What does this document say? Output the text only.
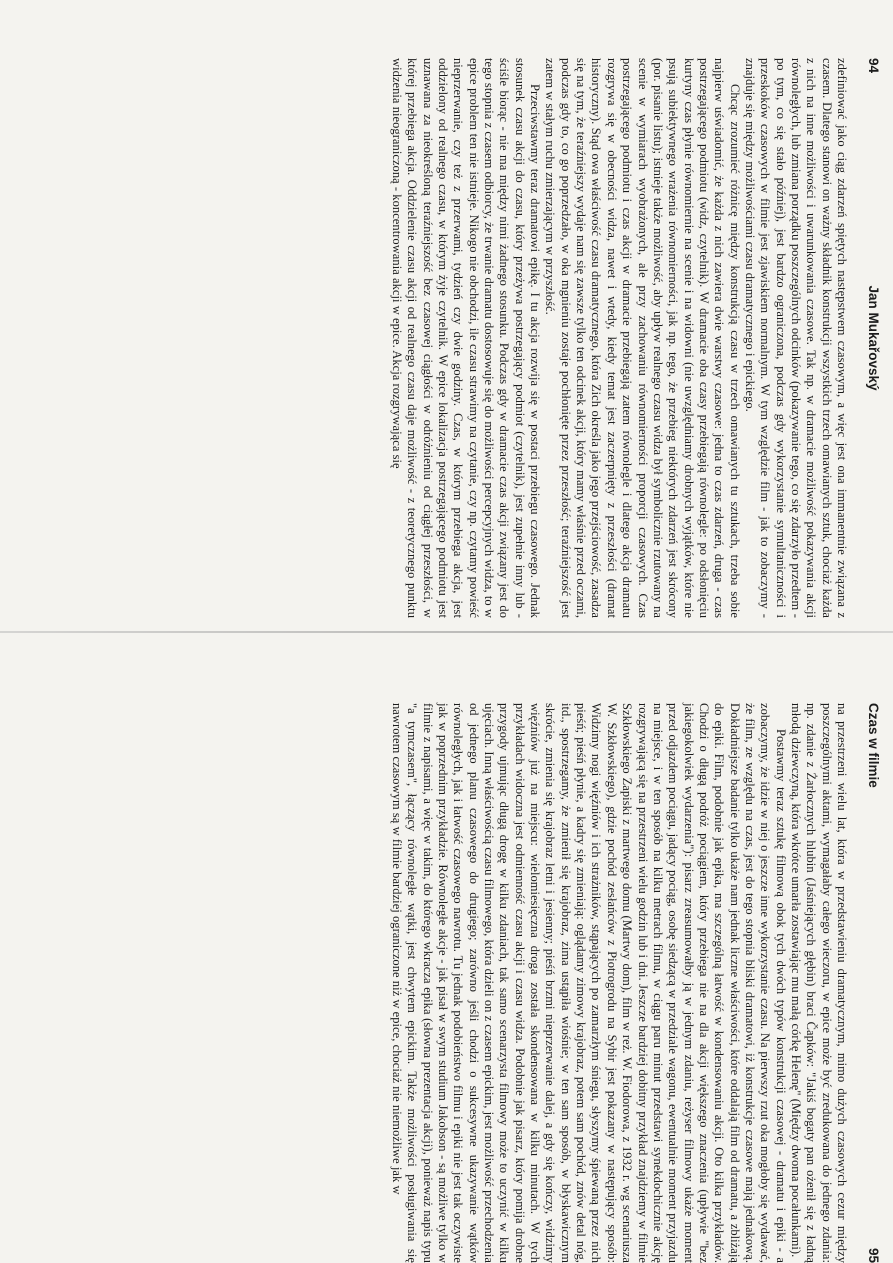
94
Jan Mukařovský

zdefiniować jako ciąg zdarzeń spiętych następstwem czasowym, a więc jest ona immanentnie związana z czasem. Dlatego stanowi on ważny składnik konstrukcji wszystkich trzech omawianych sztuk, chociaż każda z nich na inne możliwości i uwarunkowania czasowe. Tak np. w dramacie możliwość pokazywania akcji równoległych, lub zmiana porządku poszczególnych odcinków (pokazywanie tego, co się zdarzyło przedtem - po tym, co się stało później), jest bardzo ograniczona, podczas gdy wykorzystanie symultaniczności i przeskoków czasowych w filmie jest zjawiskiem normalnym. W tym względzie film - jak to zobaczymy - znajduje się między możliwościami czasu dramatycznego i epickiego.

Chcąc zrozumieć różnicę między konstrukcją czasu w trzech omawianych tu sztukach, trzeba sobie najpierw uświadomić, że każda z nich zawiera dwie warstwy czasowe: jedna to czas zdarzeń, druga - czas postrzegającego podmiotu (widz, czytelnik). W dramacie oba czasy przebiegają równolegle: po odsłonięciu kurtyny czas płynie równomiernie na scenie i na widowni (nie uwzględniamy drobnych wyjątków, które nie psują subiektywnego wrażenia równomierności, jak np. tego, że przebieg niektórych zdarzeń jest skrócony (por. pisanie listu); istnieje także możliwość, aby upływ realnego czasu widza był symbolicznie rzutowany na scenie w wymiarach wyobrażonych, ale przy zachowaniu równomierności proporcji czasowych. Czas postrzegającego podmiotu i czas akcji w dramacie przebiegają zatem równolegle i dlatego akcja dramatu rozgrywa się w obecności widza, nawet i wtedy, kiedy temat jest zaczerpnięty z przeszłości (dramat historyczny). Stąd owa właściwość czasu dramatycznego, która Zich określa jako jego przejściowość, zasadza się na tym, że teraźniejszy wydaje nam się zawsze tylko ten odcinek akcji, który mamy właśnie przed oczami, podczas gdy to, co go poprzedzało, w oka mgnieniu zostaje pochłonięte przez przeszłość; teraźniejszość jest zatem w stałym ruchu zmierzającym w przyszłość.

Przeciwstawmy teraz dramatowi epikę. I tu akcja rozwija się w postaci przebiegu czasowego. Jednak stosunek czasu akcji do czasu, który przeżywa postrzegający podmiot (czytelnik), jest zupełnie inny lub - ściśle biorąc - nie ma między nimi żadnego stosunku. Podczas gdy w dramacie czas akcji związany jest do tego stopnia z czasem odbiorcy, że trwanie dramatu dostosowuje się do możliwości percepcyjnych widza, to w epice problem ten nie istnieje. Nikogo nie obchodzi, ile czasu strawimy na czytanie, czy np. czytamy powieść nieprzerwanie, czy też z przerwami, tydzień czy dwie godziny. Czas, w którym przebiega akcja, jest oddzielony od realnego czasu, w którym żyje czytelnik. W epice lokalizacja postrzegającego podmiotu jest uznawana za nieokreśloną teraźniejszość bez czasowej ciągłości w odróżnieniu od ciągłej przeszłości, w której przebiega akcja. Oddzielenie czasu akcji od realnego czasu daje możliwość - z teoretycznego punktu widzenia nieograniczoną - koncentrowania akcji w epice. Akcja rozgrywająca się

Czas w filmie
95

na przestrzeni wielu lat, która w przedstawieniu dramatycznym, mimo dużych czasowych cezur między poszczególnymi aktami, wymagałaby całego wieczoru, w epice może być zredukowana do jednego zdania: np. zdanie z Żarłocznych hlubin (Jaśniejących głębin) braci Čapków: "Jakiś bogaty pan ożenił się z ładną młodą dziewczyną, która wkrótce umarła zostawiając mu małą córkę Helenę" (Między dwoma pocałunkami).

Postawmy teraz sztukę filmową obok tych dwóch typów konstrukcji czasowej - dramatu i epiki - a zobaczymy, że idzie w niej o jeszcze inne wykorzystanie czasu. Na pierwszy rzut oka mogłoby się wydawać, że film, ze względu na czas, jest do tego stopnia bliski dramatowi, iż konstrukcje czasowe mają jednakową. Dokładniejsze badanie tylko ukaże nam jednak liczne właściwości, które oddalają film od dramatu, a zbliżają do epiki. Film, podobnie jak epika, ma szczególną łatwość w kondensowaniu akcji. Oto kilka przykładów. Chodzi o długą podróż pociągiem, który przebiega nie na dla akcji większego znaczenia (upływie "bez jakiegokolwiek wydarzenia"): pisarz zreasumowałby ją w jednym zdaniu, reżyser filmowy ukaże moment przed odjazdem pociągu, jadący pociąg, osobę siedzącą w przedziale wagonu, ewentualnie moment przyjazdu na miejsce, i w ten sposób na kilku metrach filmu, w ciągu paru minut przedstawi synekdochicznie akcję rozgrywającą się na przestrzeni wielu godzin lub i dni. Jeszcze bardziej dobitny przykład znajdziemy w filmie Szkłowskiego Zapiski z martwego domu (Martwy dom), film w reż. W. Fiodorowa, z 1932 r. wg scenariusza W. Szkłowskiego), gdzie pochód zesłańców z Piotrogrodu na Sybir jest pokazany w następujący sposób: Widzimy nogi więźniów i ich strażników, stąpających po zamarzłym śniegu, słyszymy śpiewaną przez nich pieśń; pieśń płynie, a kadry się zmieniają: oglądamy zimowy krajobraz, potem sam pochód, znów detal nóg, itd., spostrzegamy, że zmienił się krajobraz, zima ustąpiła wiośnie; w ten sam sposób, w błyskawicznym skrócie, zmienia się krajobraz letni i jesienny; pieśń brzmi nieprzerwanie dalej, a gdy się kończy, widzimy więźniów już na miejscu: wielomiesięczna droga została skondensowana w kilku minutach. W tych przykładach widoczna jest odmienność czasu akcji i czasu widza. Podobnie jak pisarz, który pomija drobne przygody ujmując długą drogę w kilku zdaniach, tak samo scenarzysta filmowy może to uczynić w kilku ujęciach. Inną właściwością czasu filmowego, która dzieli on z czasem epickim, jest możliwość przechodzenia od jednego planu czasowego do drugiego; zarówno jeśli chodzi o sukcesywne ukazywanie wątków równoległych, jak i łatwość czasowego nawrotu. Tu jednak podobieństwo filmu i epiki nie jest tak oczywiste jak w poprzednim przykładzie. Równoległe akcje - jak pisał w swym studium Jakobson - są możliwe tylko w filmie z napisami, a więc w takim, do którego wkracza epika (słowna prezentacja akcji), ponieważ napis typu "a tymczasem", łączący równoległe wątki, jest chwytem epickim. Także możliwości posługiwania się nawrotem czasowym są w filmie bardziej ograniczone niż w epice, chociaż nie niemożliwe jak w
